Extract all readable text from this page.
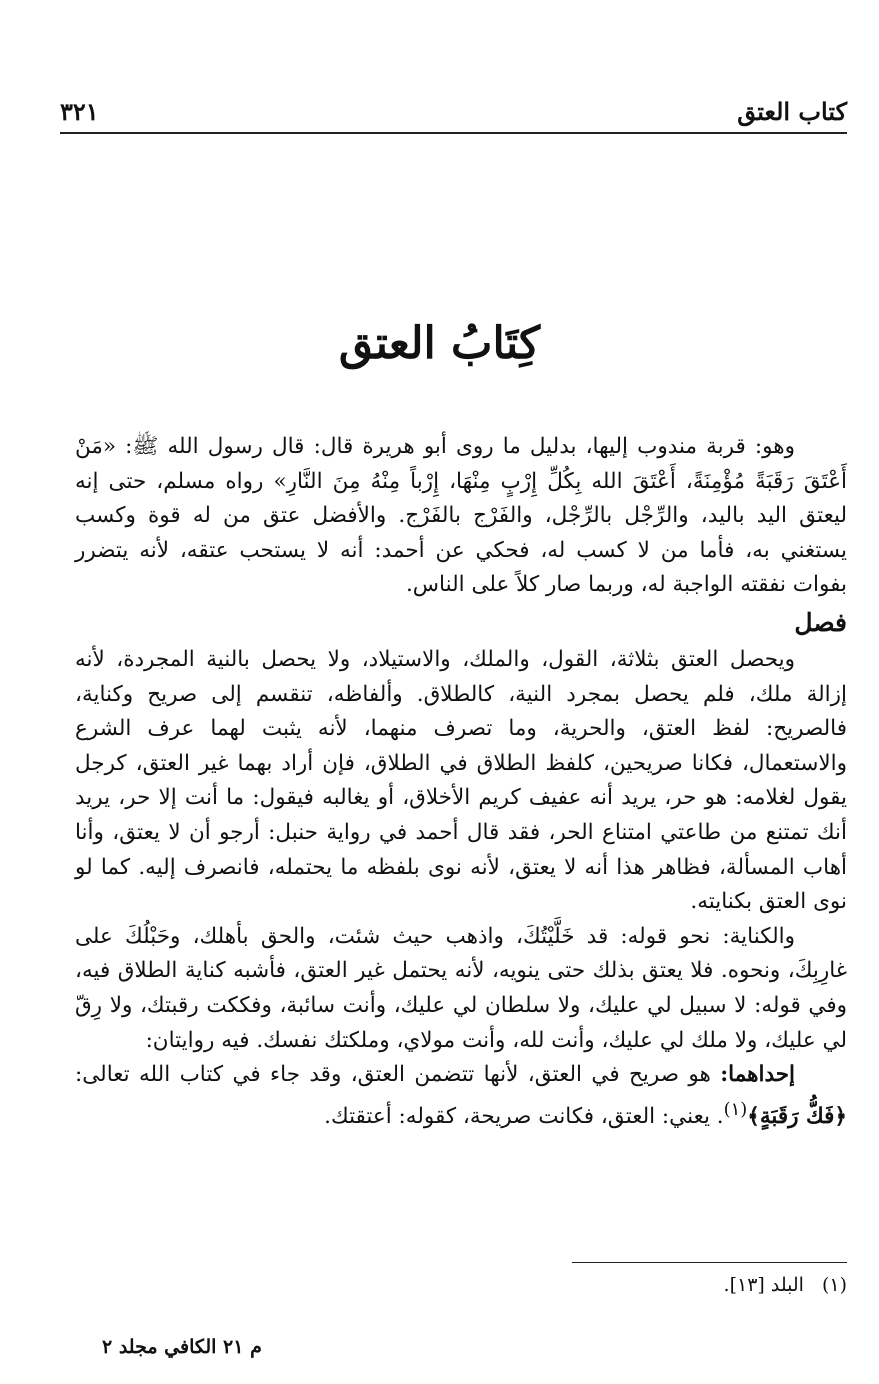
كتاب العتق
٣٢١
كِتَابُ العتق

وهو: قربة مندوب إليها، بدليل ما روى أبو هريرة قال: قال رسول الله ﷺ: «مَنْ أَعْتَقَ رَقَبَةً مُؤْمِنَةً، أَعْتَقَ الله بِكُلِّ إِرْبٍ مِنْهَا، إِرْباً مِنْهُ مِنَ النَّارِ» رواه مسلم، حتى إنه ليعتق اليد باليد، والرِّجْل بالرِّجْل، والفَرْج بالفَرْج. والأفضل عتق من له قوة وكسب يستغني به، فأما من لا كسب له، فحكي عن أحمد: أنه لا يستحب عتقه، لأنه يتضرر بفوات نفقته الواجبة له، وربما صار كلاً على الناس.

فصل

ويحصل العتق بثلاثة، القول، والملك، والاستيلاد، ولا يحصل بالنية المجردة، لأنه إزالة ملك، فلم يحصل بمجرد النية، كالطلاق. وألفاظه، تنقسم إلى صريح وكناية، فالصريح: لفظ العتق، والحرية، وما تصرف منهما، لأنه يثبت لهما عرف الشرع والاستعمال، فكانا صريحين، كلفظ الطلاق في الطلاق، فإن أراد بهما غير العتق، كرجل يقول لغلامه: هو حر، يريد أنه عفيف كريم الأخلاق، أو يغالبه فيقول: ما أنت إلا حر، يريد أنك تمتنع من طاعتي امتناع الحر، فقد قال أحمد في رواية حنبل: أرجو أن لا يعتق، وأنا أهاب المسألة، فظاهر هذا أنه لا يعتق، لأنه نوى بلفظه ما يحتمله، فانصرف إليه. كما لو نوى العتق بكنايته.

والكناية: نحو قوله: قد خَلَّيْتُكَ، واذهب حيث شئت، والحق بأهلك، وحَبْلُكَ على غارِبِكَ، ونحوه. فلا يعتق بذلك حتى ينويه، لأنه يحتمل غير العتق، فأشبه كناية الطلاق فيه، وفي قوله: لا سبيل لي عليك، ولا سلطان لي عليك، وأنت سائبة، وفككت رقبتك، ولا رِقّ لي عليك، ولا ملك لي عليك، وأنت لله، وأنت مولاي، وملكتك نفسك. فيه روايتان:

إحداهما: هو صريح في العتق، لأنها تتضمن العتق، وقد جاء في كتاب الله تعالى: ﴿فَكُّ رَقَبَةٍ﴾$^{(١)}$. يعني: العتق، فكانت صريحة، كقوله: أعتقتك.

(١)
البلد [١٣].
م ٢١ الكافي مجلد ٢
